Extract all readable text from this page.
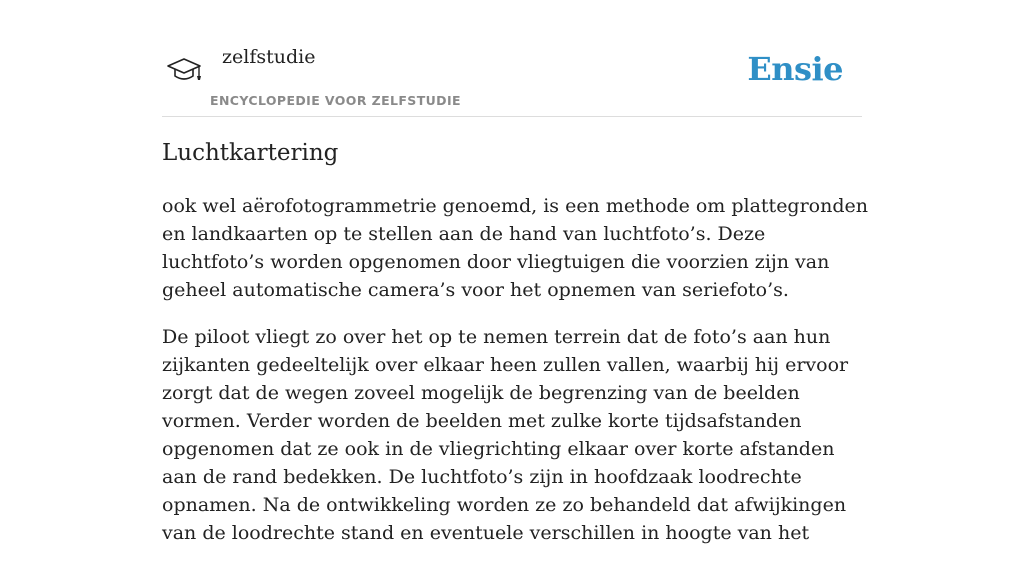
zelfstudie
ENCYCLOPEDIE VOOR ZELFSTUDIE
Ensie
Luchtkartering

ook wel aërofotogrammetrie genoemd, is een methode om plattegronden en landkaarten op te stellen aan de hand van luchtfoto’s. Deze luchtfoto’s worden opgenomen door vliegtuigen die voorzien zijn van geheel automatische camera’s voor het opnemen van seriefoto’s.

De piloot vliegt zo over het op te nemen terrein dat de foto’s aan hun zijkanten gedeeltelijk over elkaar heen zullen vallen, waarbij hij ervoor zorgt dat de wegen zoveel mogelijk de begrenzing van de beelden vormen. Verder worden de beelden met zulke korte tijdsafstanden opgenomen dat ze ook in de vliegrichting elkaar over korte afstanden aan de rand bedekken. De luchtfoto’s zijn in hoofdzaak loodrechte opnamen. Na de ontwikkeling worden ze zo behandeld dat afwijkingen van de loodrechte stand en eventuele verschillen in hoogte van het
